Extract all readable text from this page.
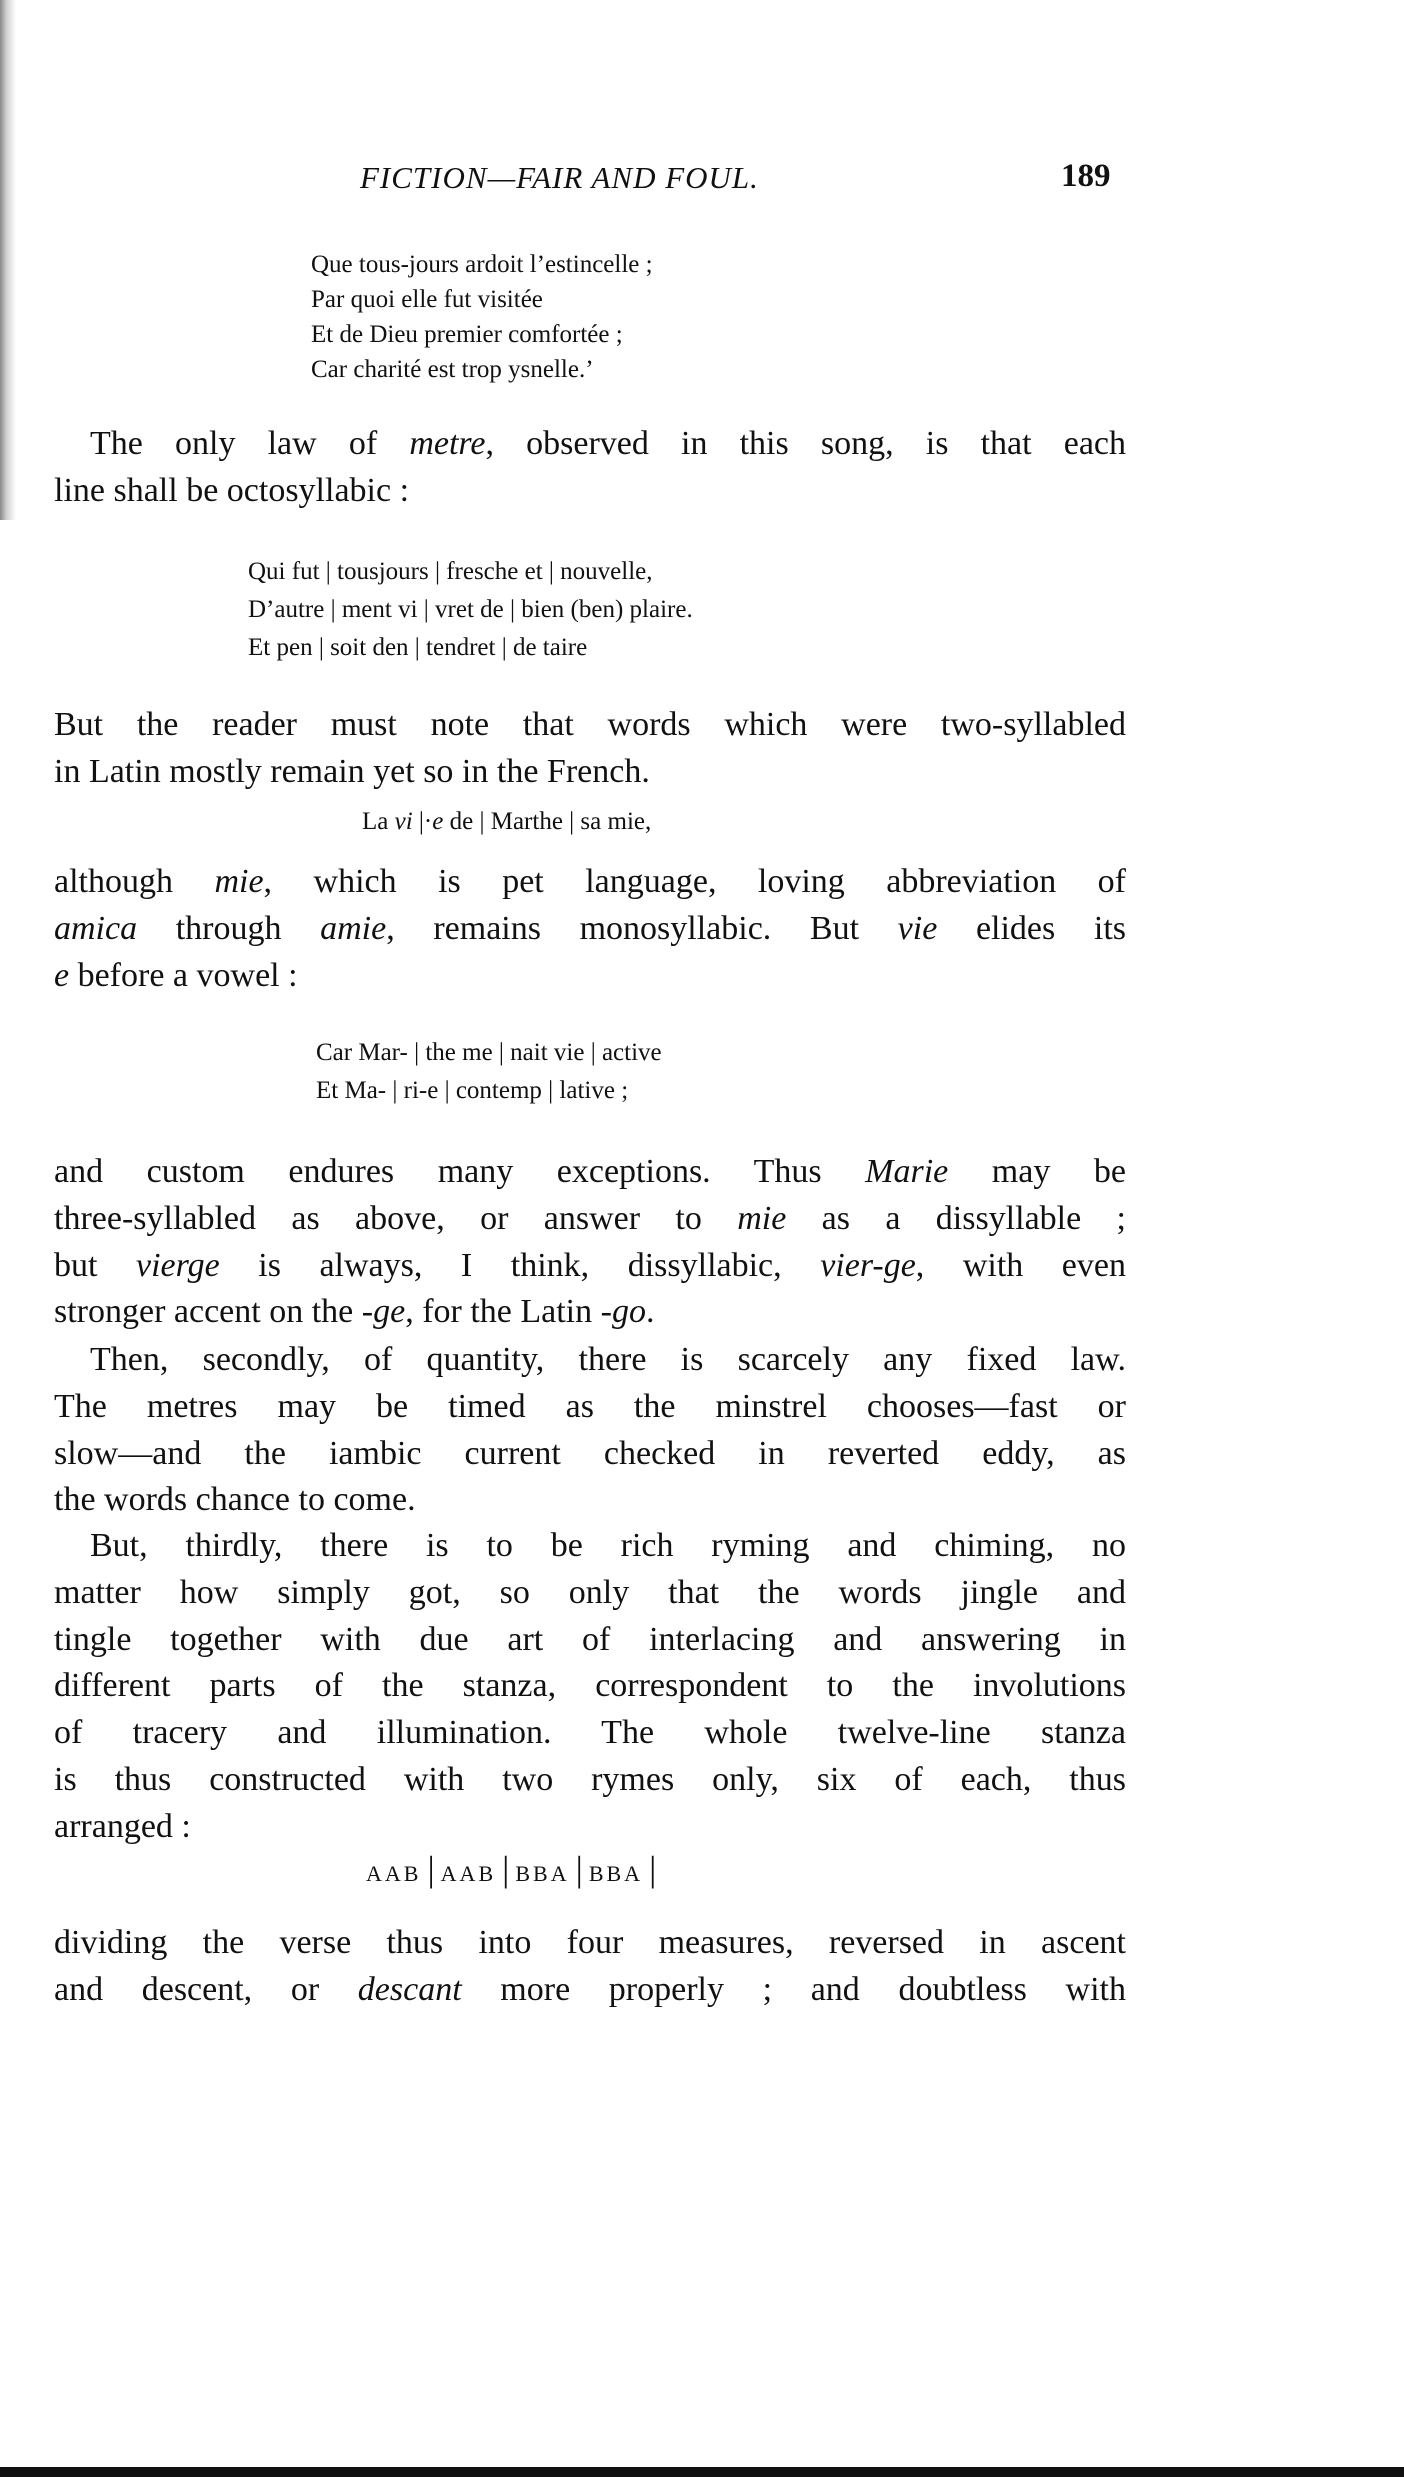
FICTION—FAIR AND FOUL.	189
Que tous-jours ardoit l’estincelle ;
Par quoi elle fut visitée
Et de Dieu premier comfortée ;
Car charité est trop ysnelle.’
The only law of metre, observed in this song, is that each
line shall be octosyllabic :
Qui fut | tousjours | fresche et | nouvelle,
D’autre | ment vi | vret de | bien (ben) plaire.
Et pen | soit den | tendret | de taire
But the reader must note that words which were two-syllabled
in Latin mostly remain yet so in the French.
La vi |·e de | Marthe | sa mie,
although mie, which is pet language, loving abbreviation of
amica through amie, remains monosyllabic. But vie elides its
e before a vowel :
Car Mar- | the me | nait vie | active
Et Ma- | ri-e | contemp | lative ;
and custom endures many exceptions. Thus Marie may be
three-syllabled as above, or answer to mie as a dissyllable ;
but vierge is always, I think, dissyllabic, vier-ge, with even
stronger accent on the -ge, for the Latin -go.
Then, secondly, of quantity, there is scarcely any fixed law.
The metres may be timed as the minstrel chooses—fast or
slow—and the iambic current checked in reverted eddy, as
the words chance to come.
But, thirdly, there is to be rich ryming and chiming, no
matter how simply got, so only that the words jingle and
tingle together with due art of interlacing and answering in
different parts of the stanza, correspondent to the involutions
of tracery and illumination. The whole twelve-line stanza
is thus constructed with two rymes only, six of each, thus
arranged :
AAB | AAB | BBA | BBA |
dividing the verse thus into four measures, reversed in ascent
and descent, or descant more properly ; and doubtless with
